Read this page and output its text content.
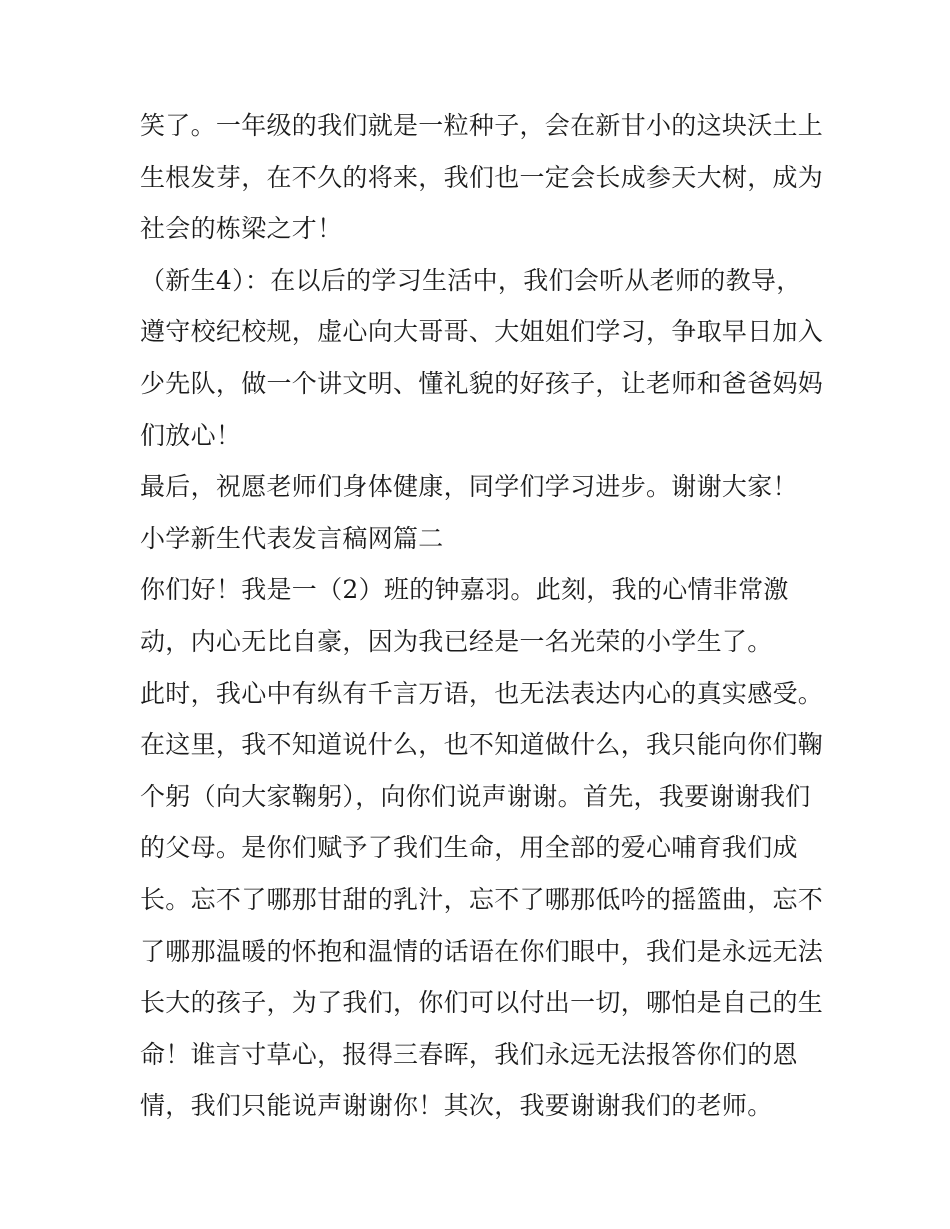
笑了。一年级的我们就是一粒种子，会在新甘小的这块沃土上
生根发芽，在不久的将来，我们也一定会长成参天大树，成为
社会的栋梁之才！
（新生4）：在以后的学习生活中，我们会听从老师的教导，
遵守校纪校规，虚心向大哥哥、大姐姐们学习，争取早日加入
少先队，做一个讲文明、懂礼貌的好孩子，让老师和爸爸妈妈
们放心！
最后，祝愿老师们身体健康，同学们学习进步。谢谢大家！
小学新生代表发言稿网篇二
你们好！我是一（2）班的钟嘉羽。此刻，我的心情非常激
动，内心无比自豪，因为我已经是一名光荣的小学生了。
此时，我心中有纵有千言万语，也无法表达内心的真实感受。
在这里，我不知道说什么，也不知道做什么，我只能向你们鞠
个躬（向大家鞠躬），向你们说声谢谢。首先，我要谢谢我们
的父母。是你们赋予了我们生命，用全部的爱心哺育我们成
长。忘不了哪那甘甜的乳汁，忘不了哪那低吟的摇篮曲，忘不
了哪那温暖的怀抱和温情的话语在你们眼中，我们是永远无法
长大的孩子，为了我们，你们可以付出一切，哪怕是自己的生
命！谁言寸草心，报得三春晖，我们永远无法报答你们的恩
情，我们只能说声谢谢你！其次，我要谢谢我们的老师。
